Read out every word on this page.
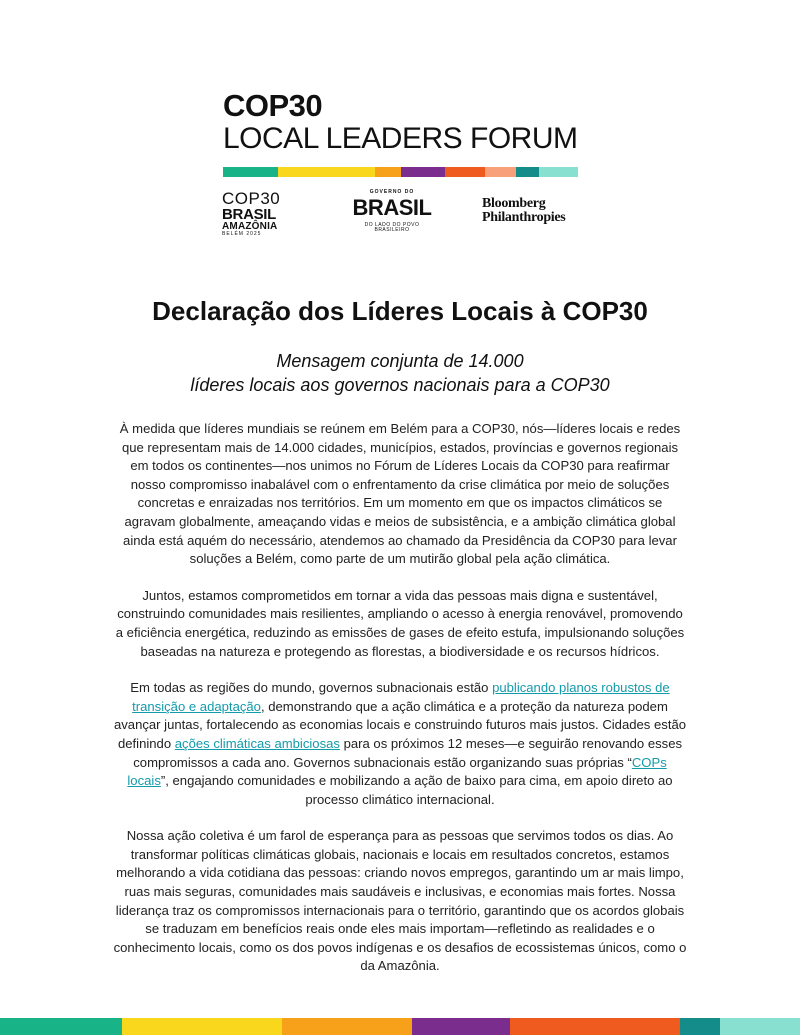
COP30
LOCAL LEADERS FORUM
COP30
BRASIL
AMAZÔNIA
BELÉM 2025
GOVERNO DO
BRASIL
DO LADO DO POVO BRASILEIRO
Bloomberg
Philanthropies
Declaração dos Líderes Locais à COP30
Mensagem conjunta de 14.000
líderes locais aos governos nacionais para a COP30

À medida que líderes mundiais se reúnem em Belém para a COP30, nós—líderes locais e redes que representam mais de 14.000 cidades, municípios, estados, províncias e governos regionais em todos os continentes—nos unimos no Fórum de Líderes Locais da COP30 para reafirmar nosso compromisso inabalável com o enfrentamento da crise climática por meio de soluções concretas e enraizadas nos territórios. Em um momento em que os impactos climáticos se agravam globalmente, ameaçando vidas e meios de subsistência, e a ambição climática global ainda está aquém do necessário, atendemos ao chamado da Presidência da COP30 para levar soluções a Belém, como parte de um mutirão global pela ação climática.

Juntos, estamos comprometidos em tornar a vida das pessoas mais digna e sustentável, construindo comunidades mais resilientes, ampliando o acesso à energia renovável, promovendo a eficiência energética, reduzindo as emissões de gases de efeito estufa, impulsionando soluções baseadas na natureza e protegendo as florestas, a biodiversidade e os recursos hídricos.

Em todas as regiões do mundo, governos subnacionais estão publicando planos robustos de transição e adaptação, demonstrando que a ação climática e a proteção da natureza podem avançar juntas, fortalecendo as economias locais e construindo futuros mais justos. Cidades estão definindo ações climáticas ambiciosas para os próximos 12 meses—e seguirão renovando esses compromissos a cada ano. Governos subnacionais estão organizando suas próprias “COPs locais”, engajando comunidades e mobilizando a ação de baixo para cima, em apoio direto ao processo climático internacional.

Nossa ação coletiva é um farol de esperança para as pessoas que servimos todos os dias. Ao transformar políticas climáticas globais, nacionais e locais em resultados concretos, estamos melhorando a vida cotidiana das pessoas: criando novos empregos, garantindo um ar mais limpo, ruas mais seguras, comunidades mais saudáveis e inclusivas, e economias mais fortes. Nossa liderança traz os compromissos internacionais para o território, garantindo que os acordos globais se traduzam em benefícios reais onde eles mais importam—refletindo as realidades e o conhecimento locais, como os dos povos indígenas e os desafios de ecossistemas únicos, como o da Amazônia.
